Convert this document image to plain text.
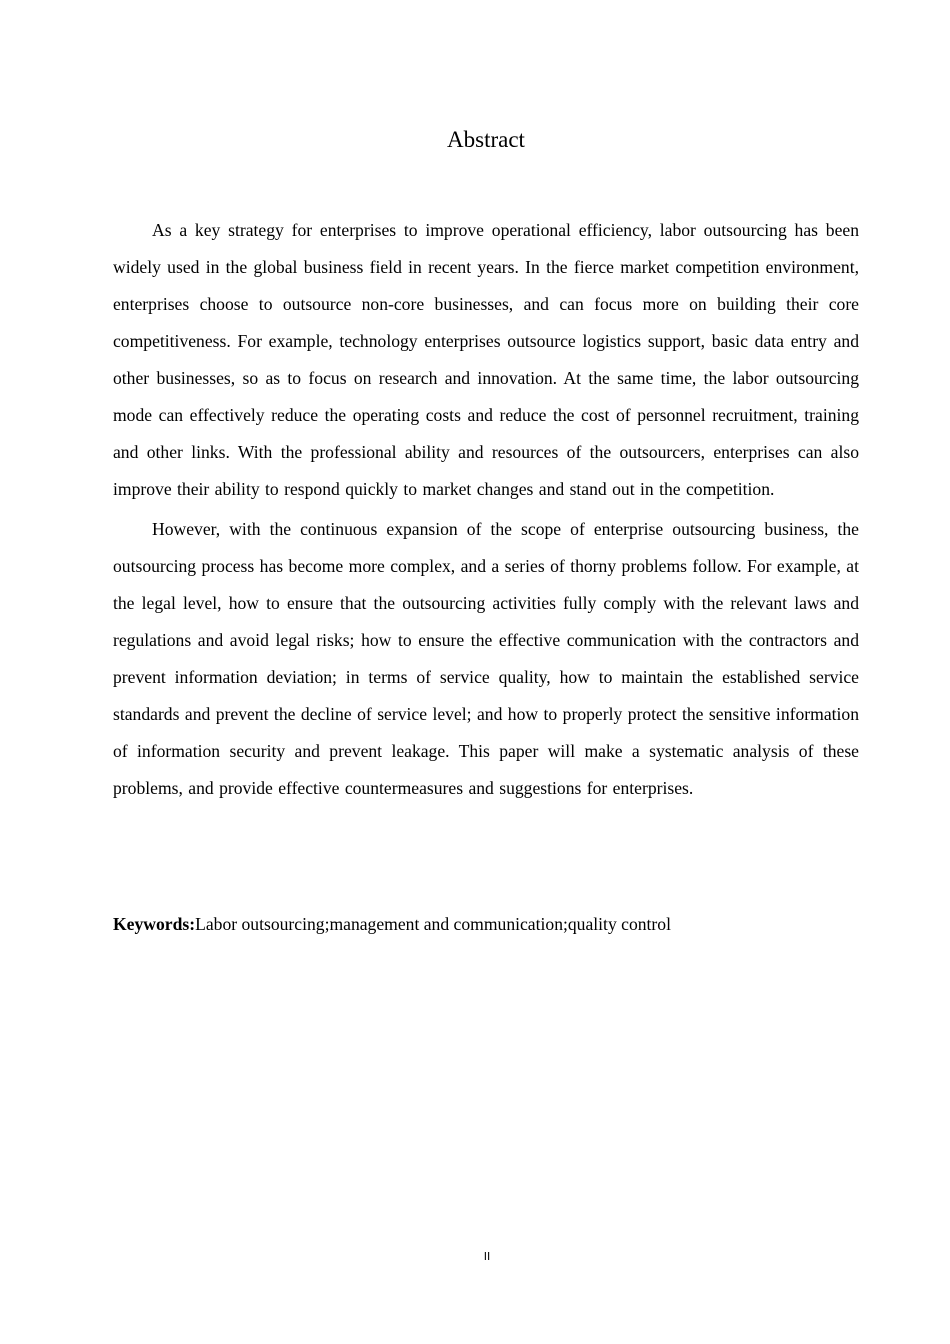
Abstract

As a key strategy for enterprises to improve operational efficiency, labor outsourcing has been widely used in the global business field in recent years. In the fierce market competition environment, enterprises choose to outsource non-core businesses, and can focus more on building their core competitiveness. For example, technology enterprises outsource logistics support, basic data entry and other businesses, so as to focus on research and innovation. At the same time, the labor outsourcing mode can effectively reduce the operating costs and reduce the cost of personnel recruitment, training and other links. With the professional ability and resources of the outsourcers, enterprises can also improve their ability to respond quickly to market changes and stand out in the competition.

However, with the continuous expansion of the scope of enterprise outsourcing business, the outsourcing process has become more complex, and a series of thorny problems follow. For example, at the legal level, how to ensure that the outsourcing activities fully comply with the relevant laws and regulations and avoid legal risks; how to ensure the effective communication with the contractors and prevent information deviation; in terms of service quality, how to maintain the established service standards and prevent the decline of service level; and how to properly protect the sensitive information of information security and prevent leakage. This paper will make a systematic analysis of these problems, and provide effective countermeasures and suggestions for enterprises.

Keywords:Labor outsourcing;management and communication;quality control

II
